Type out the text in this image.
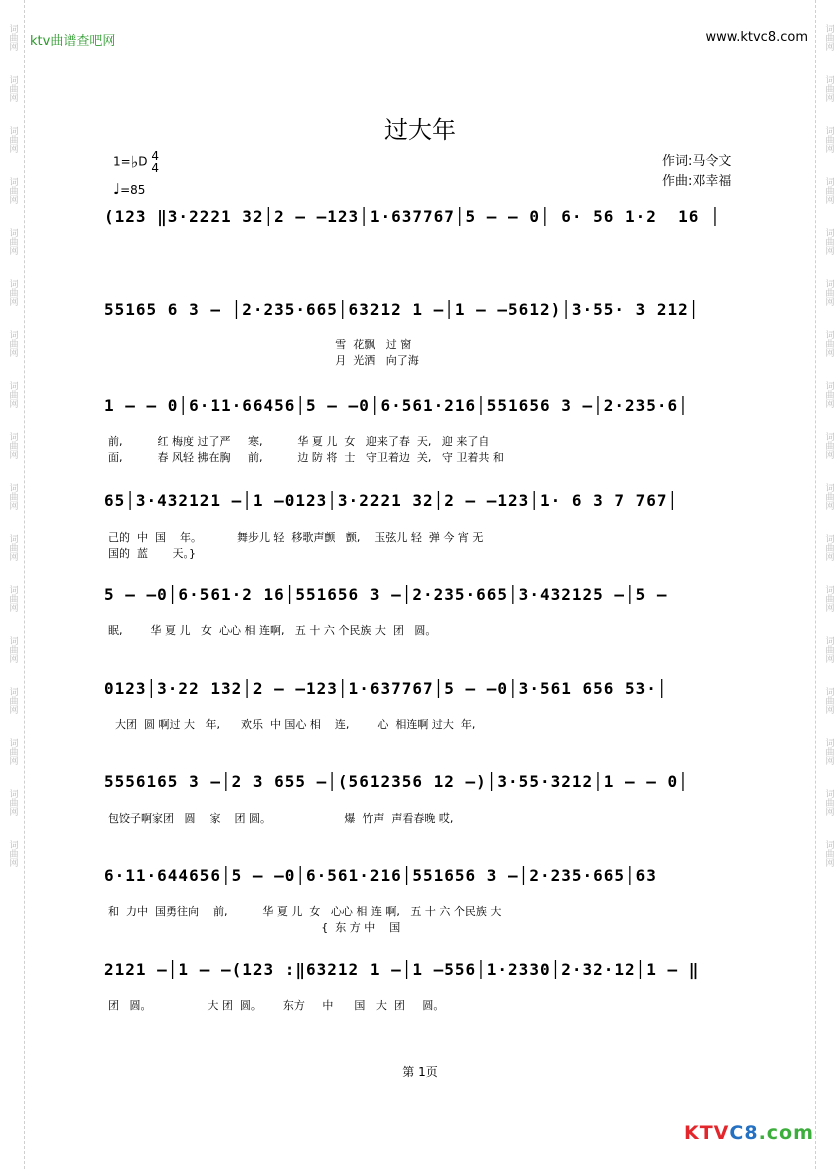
词曲网
词曲网
词曲网
词曲网
词曲网
词曲网
词曲网
词曲网
词曲网
词曲网
词曲网
词曲网
词曲网
词曲网
词曲网
词曲网
词曲网
词曲网
词曲网
词曲网
词曲网
词曲网
词曲网
词曲网
词曲网
词曲网
词曲网
词曲网
词曲网
词曲网
词曲网
词曲网
词曲网
词曲网
ktv曲谱查吧网	www.ktvc8.com
过大年
1=♭D 4
4
♩=85
作词:马令文
作曲:邓幸福
(123 ‖3·2221 32│2 — —123│1·637767│5 — — 0│ 6· 56 1·2  16 │
55165 6 3 — │2·235·665│63212 1 —│1 — —5612)│3·55· 3 212│
雪  花飘   过 窗
月  光洒   向了海
1 — — 0│6·11·66456│5 — —0│6·561·216│551656 3 —│2·235·6│
前,          红 梅度 过了严     寒,          华 夏 儿  女   迎来了春  天,   迎 来了自
面,          春 风轻 拂在胸     前,          边 防 将  士   守卫着边  关,   守 卫着共 和
65│3·432121 —│1 —0123│3·2221 32│2 — —123│1· 6 3 7 767│
己的  中  国    年。          舞步儿 轻  移歌声颤   颤,    玉弦儿 轻  弹 今 宵 无
国的  蓝       天。}
5 — —0│6·561·2 16│551656 3 —│2·235·665│3·432125 —│5 —
眠,        华 夏 儿   女  心心 相 连啊,   五 十 六 个民族 大  团   圆。
0123│3·22 132│2 — —123│1·637767│5 — —0│3·561 656 53·│
大团  圆 啊过 大   年,      欢乐  中 国心 相    连,        心  相连啊 过大  年,
5556165 3 —│2 3 655 —│(5612356 12 —)│3·55·3212│1 — — 0│
包饺子啊家团   圆    家    团 圆。                     爆  竹声  声看春晚 哎,
6·11·644656│5 — —0│6·561·216│551656 3 —│2·235·665│63
和  力中  国勇往向    前,          华 夏 儿  女   心心 相 连 啊,   五 十 六 个民族 大
{  东 方 中    国
2121 —│1 — —(123 :‖63212 1 —│1 —556│1·2330│2·32·12│1 — ‖
团   圆。                大 团  圆。      东方     中      国   大  团     圆。
第 1页
KTVC8.com
